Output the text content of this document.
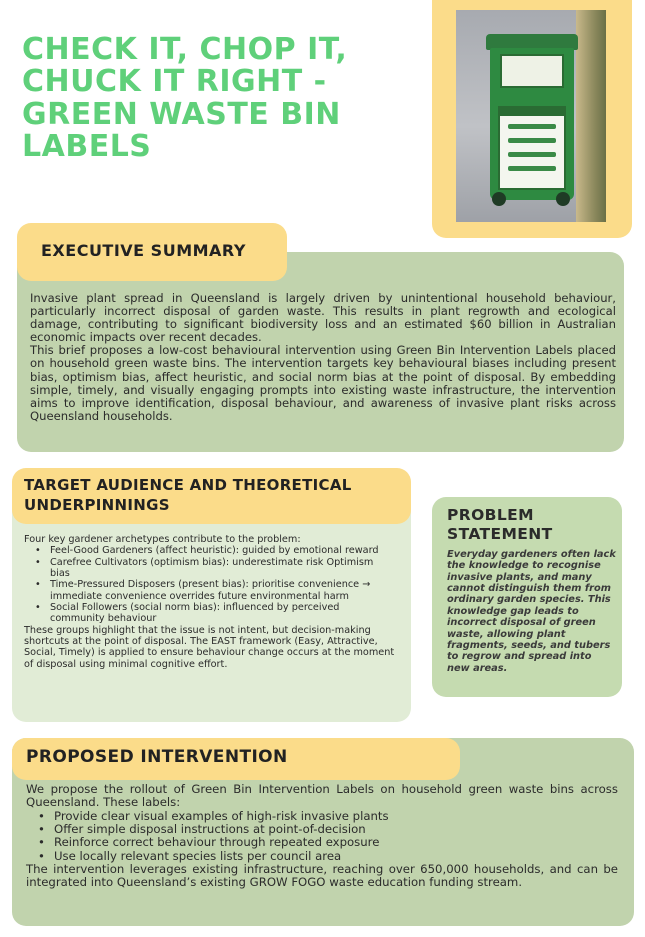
CHECK IT, CHOP IT, CHUCK IT RIGHT - GREEN WASTE BIN LABELS
EXECUTIVE SUMMARY

Invasive plant spread in Queensland is largely driven by unintentional household behaviour, particularly incorrect disposal of garden waste. This results in plant regrowth and ecological damage, contributing to significant biodiversity loss and an estimated $60 billion in Australian economic impacts over recent decades.

This brief proposes a low-cost behavioural intervention using Green Bin Intervention Labels placed on household green waste bins. The intervention targets key behavioural biases including present bias, optimism bias, affect heuristic, and social norm bias at the point of disposal. By embedding simple, timely, and visually engaging prompts into existing waste infrastructure, the intervention aims to improve identification, disposal behaviour, and awareness of invasive plant risks across Queensland households.

TARGET AUDIENCE AND THEORETICAL UNDERPINNINGS

Four key gardener archetypes contribute to the problem:

• Feel-Good Gardeners (affect heuristic): guided by emotional reward
• Carefree Cultivators (optimism bias): underestimate risk Optimism bias
• Time-Pressured Disposers (present bias): prioritise convenience → immediate convenience overrides future environmental harm
• Social Followers (social norm bias): influenced by perceived community behaviour

These groups highlight that the issue is not intent, but decision-making shortcuts at the point of disposal. The EAST framework (Easy, Attractive, Social, Timely) is applied to ensure behaviour change occurs at the moment of disposal using minimal cognitive effort.

PROBLEM STATEMENT
Everyday gardeners often lack the knowledge to recognise invasive plants, and many cannot distinguish them from ordinary garden species. This knowledge gap leads to incorrect disposal of green waste, allowing plant fragments, seeds, and tubers to regrow and spread into new areas.
PROPOSED INTERVENTION

We propose the rollout of Green Bin Intervention Labels on household green waste bins across Queensland. These labels:

• Provide clear visual examples of high-risk invasive plants
• Offer simple disposal instructions at point-of-decision
• Reinforce correct behaviour through repeated exposure
• Use locally relevant species lists per council area

The intervention leverages existing infrastructure, reaching over 650,000 households, and can be integrated into Queensland’s existing GROW FOGO waste education funding stream.
